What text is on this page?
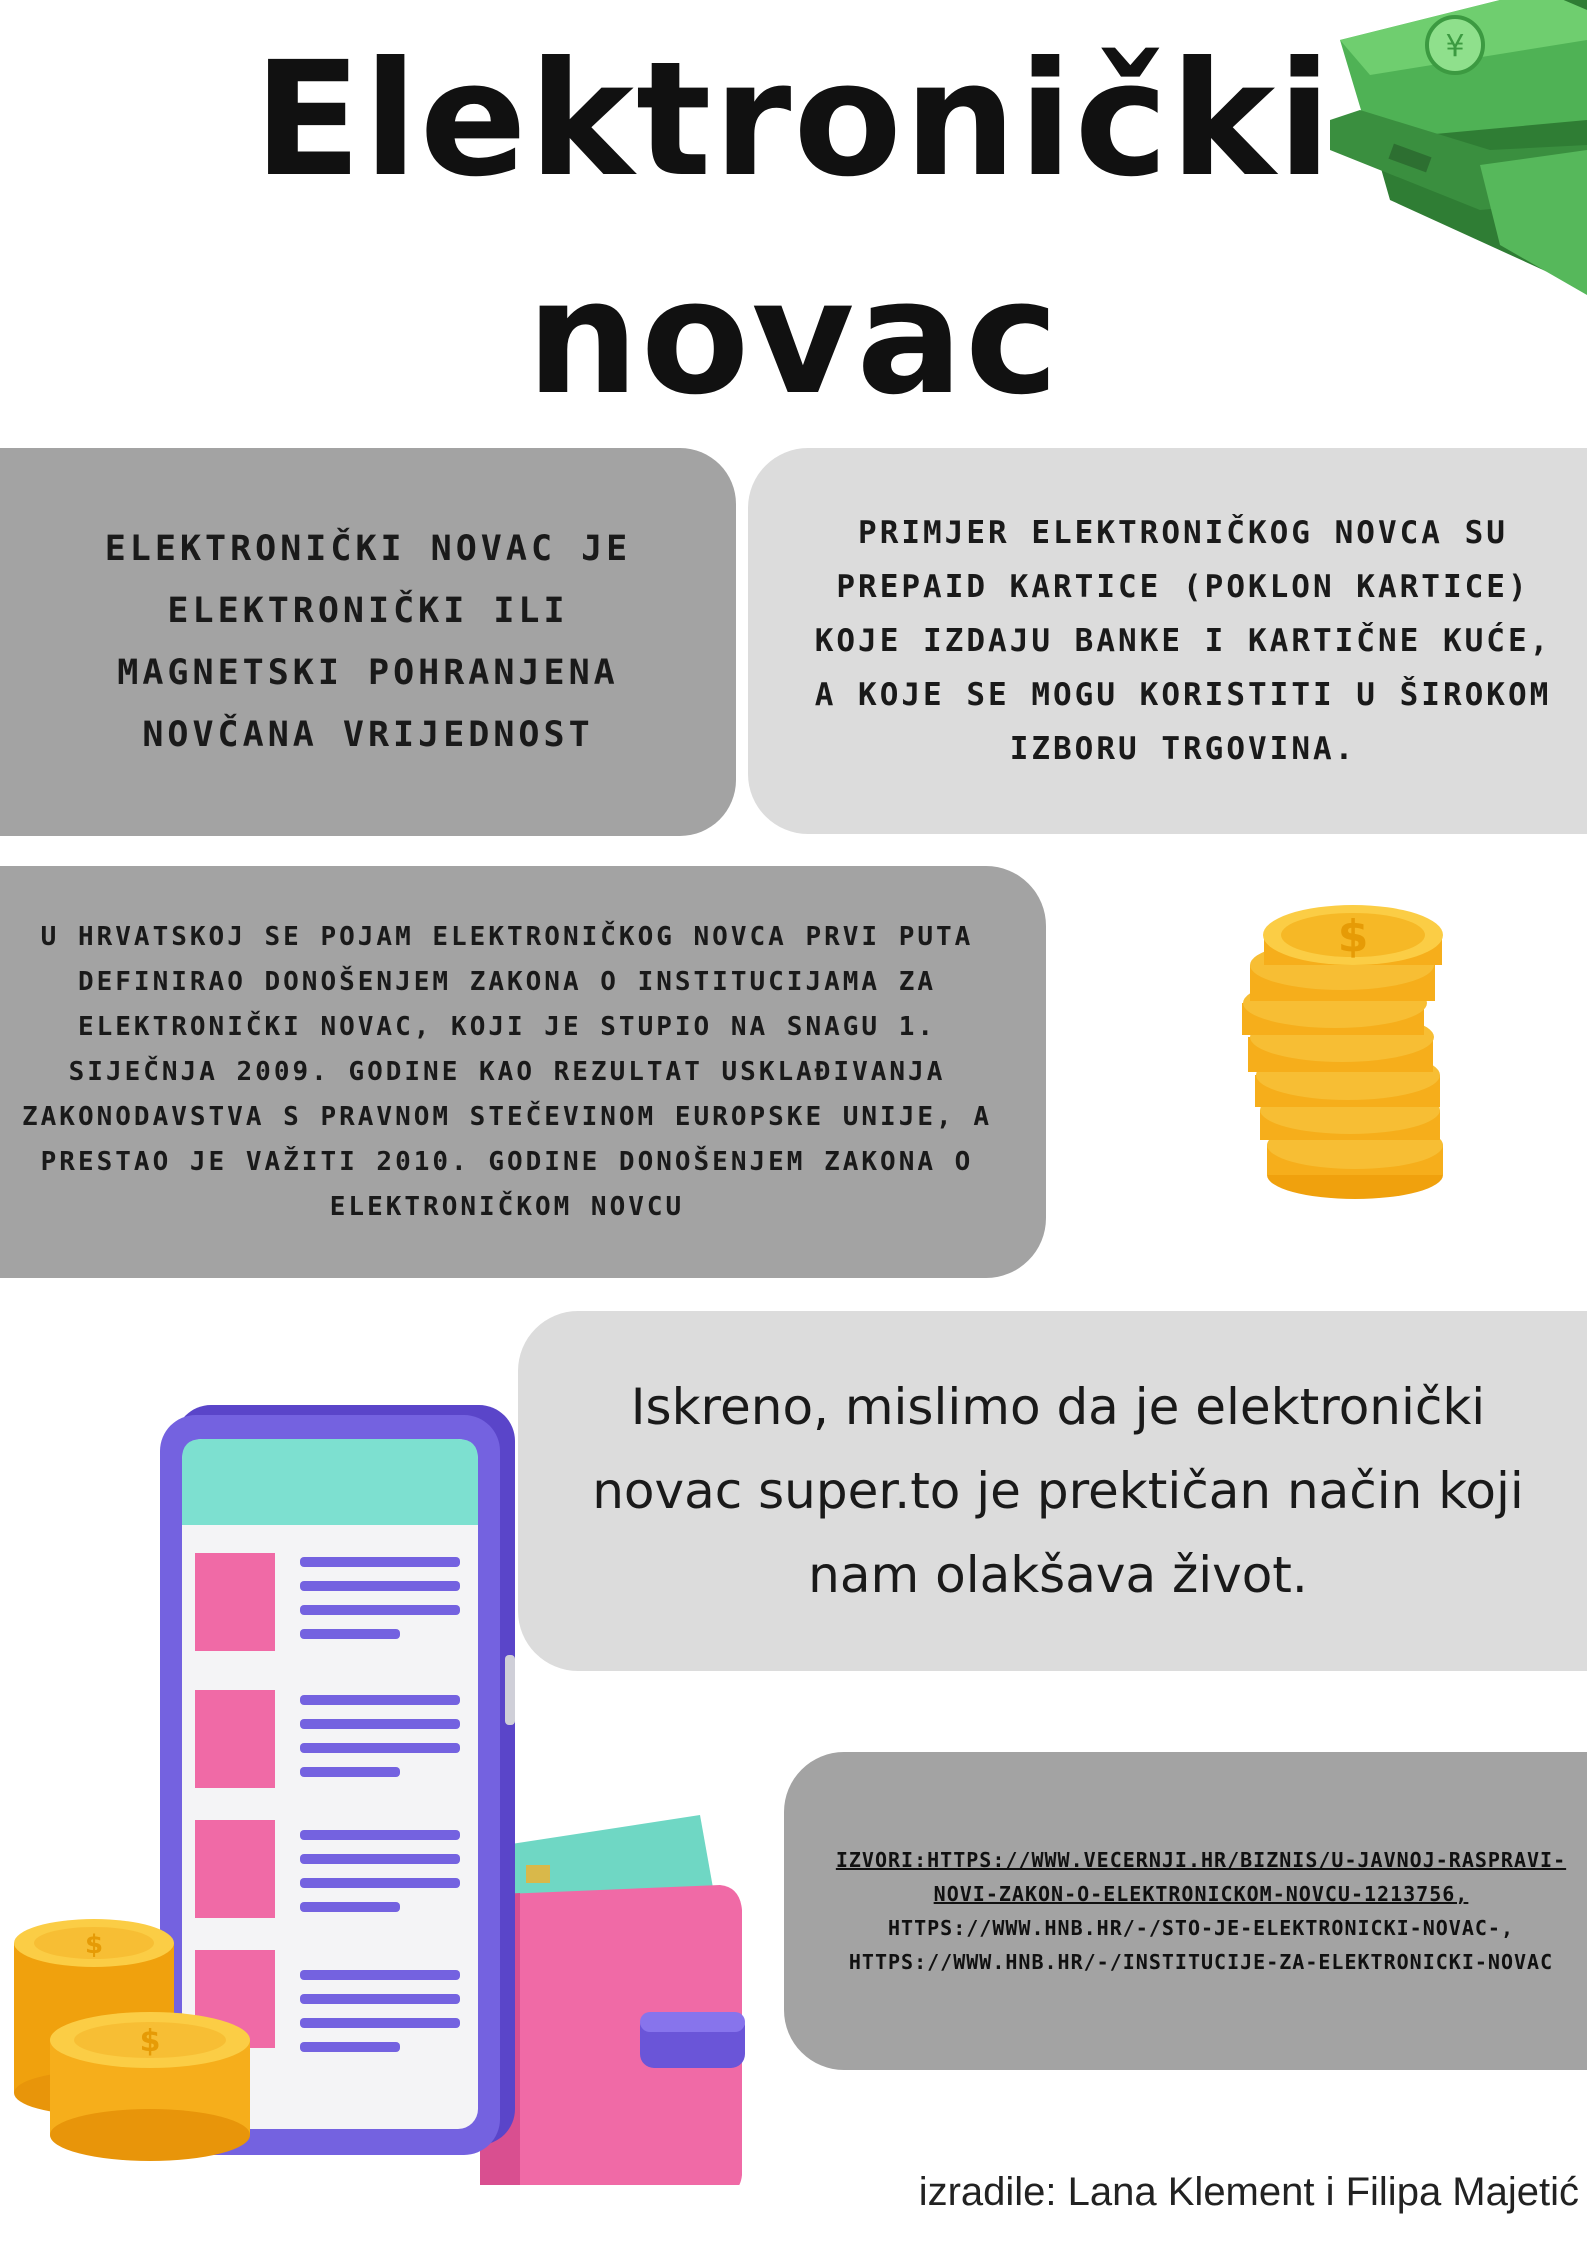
Elektronički
novac
¥
ELEKTRONIČKI NOVAC JE ELEKTRONIČKI ILI MAGNETSKI POHRANJENA NOVČANA VRIJEDNOST
PRIMJER ELEKTRONIČKOG NOVCA SU PREPAID KARTICE (POKLON KARTICE) KOJE IZDAJU BANKE I KARTIČNE KUĆE, A KOJE SE MOGU KORISTITI U ŠIROKOM IZBORU TRGOVINA.
U HRVATSKOJ SE POJAM ELEKTRONIČKOG NOVCA PRVI PUTA DEFINIRAO DONOŠENJEM ZAKONA O INSTITUCIJAMA ZA ELEKTRONIČKI NOVAC, KOJI JE STUPIO NA SNAGU 1. SIJEČNJA 2009. GODINE KAO REZULTAT USKLAĐIVANJA ZAKONODAVSTVA S PRAVNOM STEČEVINOM EUROPSKE UNIJE, A PRESTAO JE VAŽITI 2010. GODINE DONOŠENJEM ZAKONA O ELEKTRONIČKOM NOVCU
$
Iskreno, mislimo da je elektronički novac super.to je prektičan način koji nam olakšava život.
$
$
IZVORI:HTTPS://WWW.VECERNJI.HR/BIZNIS/U-JAVNOJ-RASPRAVI-NOVI-ZAKON-O-ELEKTRONICKOM-NOVCU-1213756,
HTTPS://WWW.HNB.HR/-/STO-JE-ELEKTRONICKI-NOVAC-,
HTTPS://WWW.HNB.HR/-/INSTITUCIJE-ZA-ELEKTRONICKI-NOVAC
izradile: Lana Klement i Filipa Majetić
